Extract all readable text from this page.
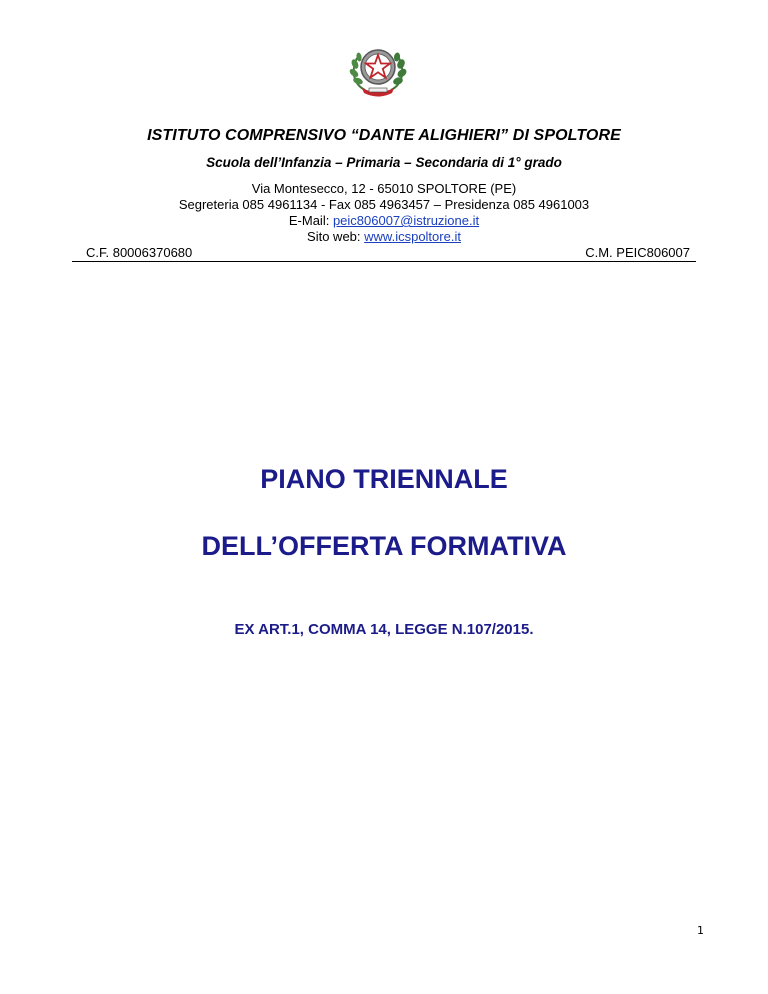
ISTITUTO COMPRENSIVO “DANTE ALIGHIERI” DI SPOLTORE
Scuola dell’Infanzia – Primaria – Secondaria di 1° grado
Via Montesecco, 12 - 65010 SPOLTORE (PE)
Segreteria 085 4961134 - Fax 085 4963457 – Presidenza 085 4961003
E-Mail: peic806007@istruzione.it
Sito web: www.icspoltore.it
C.F. 80006370680	C.M. PEIC806007
PIANO TRIENNALE
DELL’OFFERTA FORMATIVA
EX ART.1, COMMA 14, LEGGE N.107/2015.
1
